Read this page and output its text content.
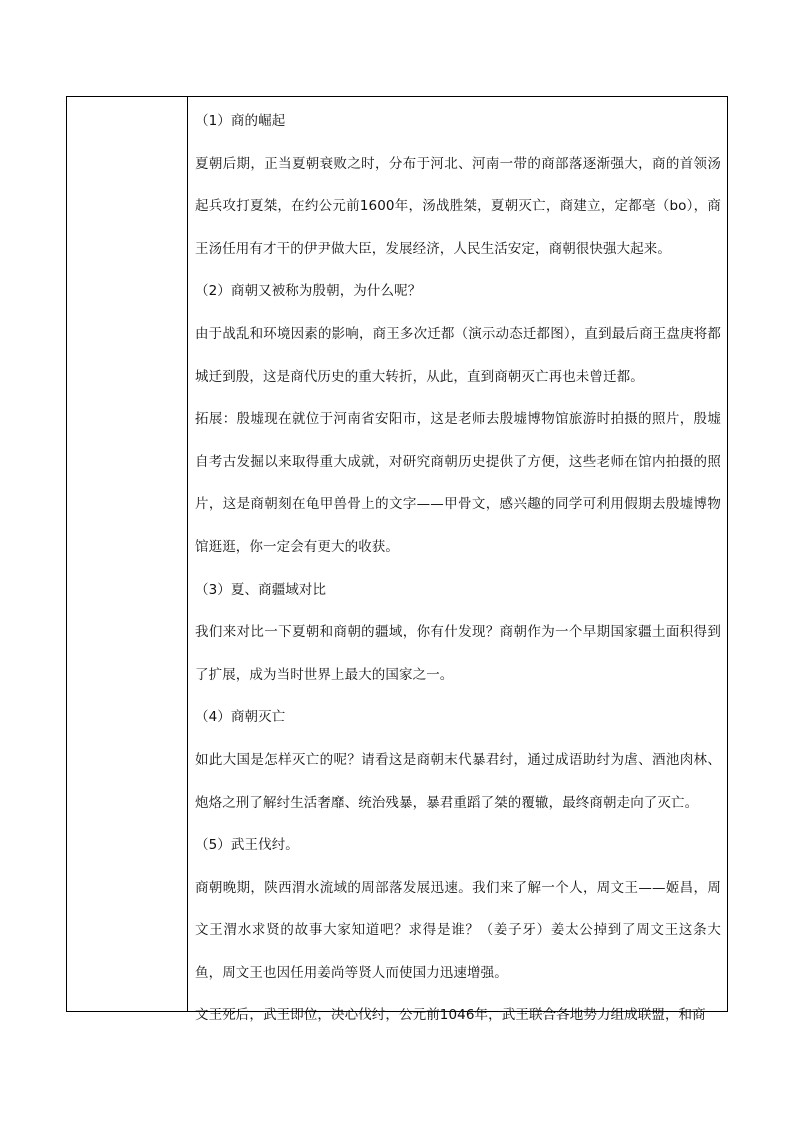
（1）商的崛起

夏朝后期，正当夏朝衰败之时，分布于河北、河南一带的商部落逐渐强大，商的首领汤起兵攻打夏桀，在约公元前1600年，汤战胜桀，夏朝灭亡，商建立，定都亳（bo），商王汤任用有才干的伊尹做大臣，发展经济，人民生活安定，商朝很快强大起来。

（2）商朝又被称为殷朝，为什么呢？

由于战乱和环境因素的影响，商王多次迁都（演示动态迁都图），直到最后商王盘庚将都城迁到殷，这是商代历史的重大转折，从此，直到商朝灭亡再也未曾迁都。

拓展：殷墟现在就位于河南省安阳市，这是老师去殷墟博物馆旅游时拍摄的照片，殷墟自考古发掘以来取得重大成就，对研究商朝历史提供了方便，这些老师在馆内拍摄的照片，这是商朝刻在龟甲兽骨上的文字——甲骨文，感兴趣的同学可利用假期去殷墟博物馆逛逛，你一定会有更大的收获。

（3）夏、商疆域对比

我们来对比一下夏朝和商朝的疆域，你有什发现？商朝作为一个早期国家疆土面积得到了扩展，成为当时世界上最大的国家之一。

（4）商朝灭亡

如此大国是怎样灭亡的呢？请看这是商朝末代暴君纣，通过成语助纣为虐、酒池肉林、炮烙之刑了解纣生活奢靡、统治残暴，暴君重蹈了桀的覆辙，最终商朝走向了灭亡。

（5）武王伐纣。

商朝晚期，陕西渭水流域的周部落发展迅速。我们来了解一个人，周文王——姬昌，周文王渭水求贤的故事大家知道吧？求得是谁？（姜子牙）姜太公掉到了周文王这条大鱼，周文王也因任用姜尚等贤人而使国力迅速增强。

文王死后，武王即位，决心伐纣，公元前1046年，武王联合各地势力组成联盟，和商
